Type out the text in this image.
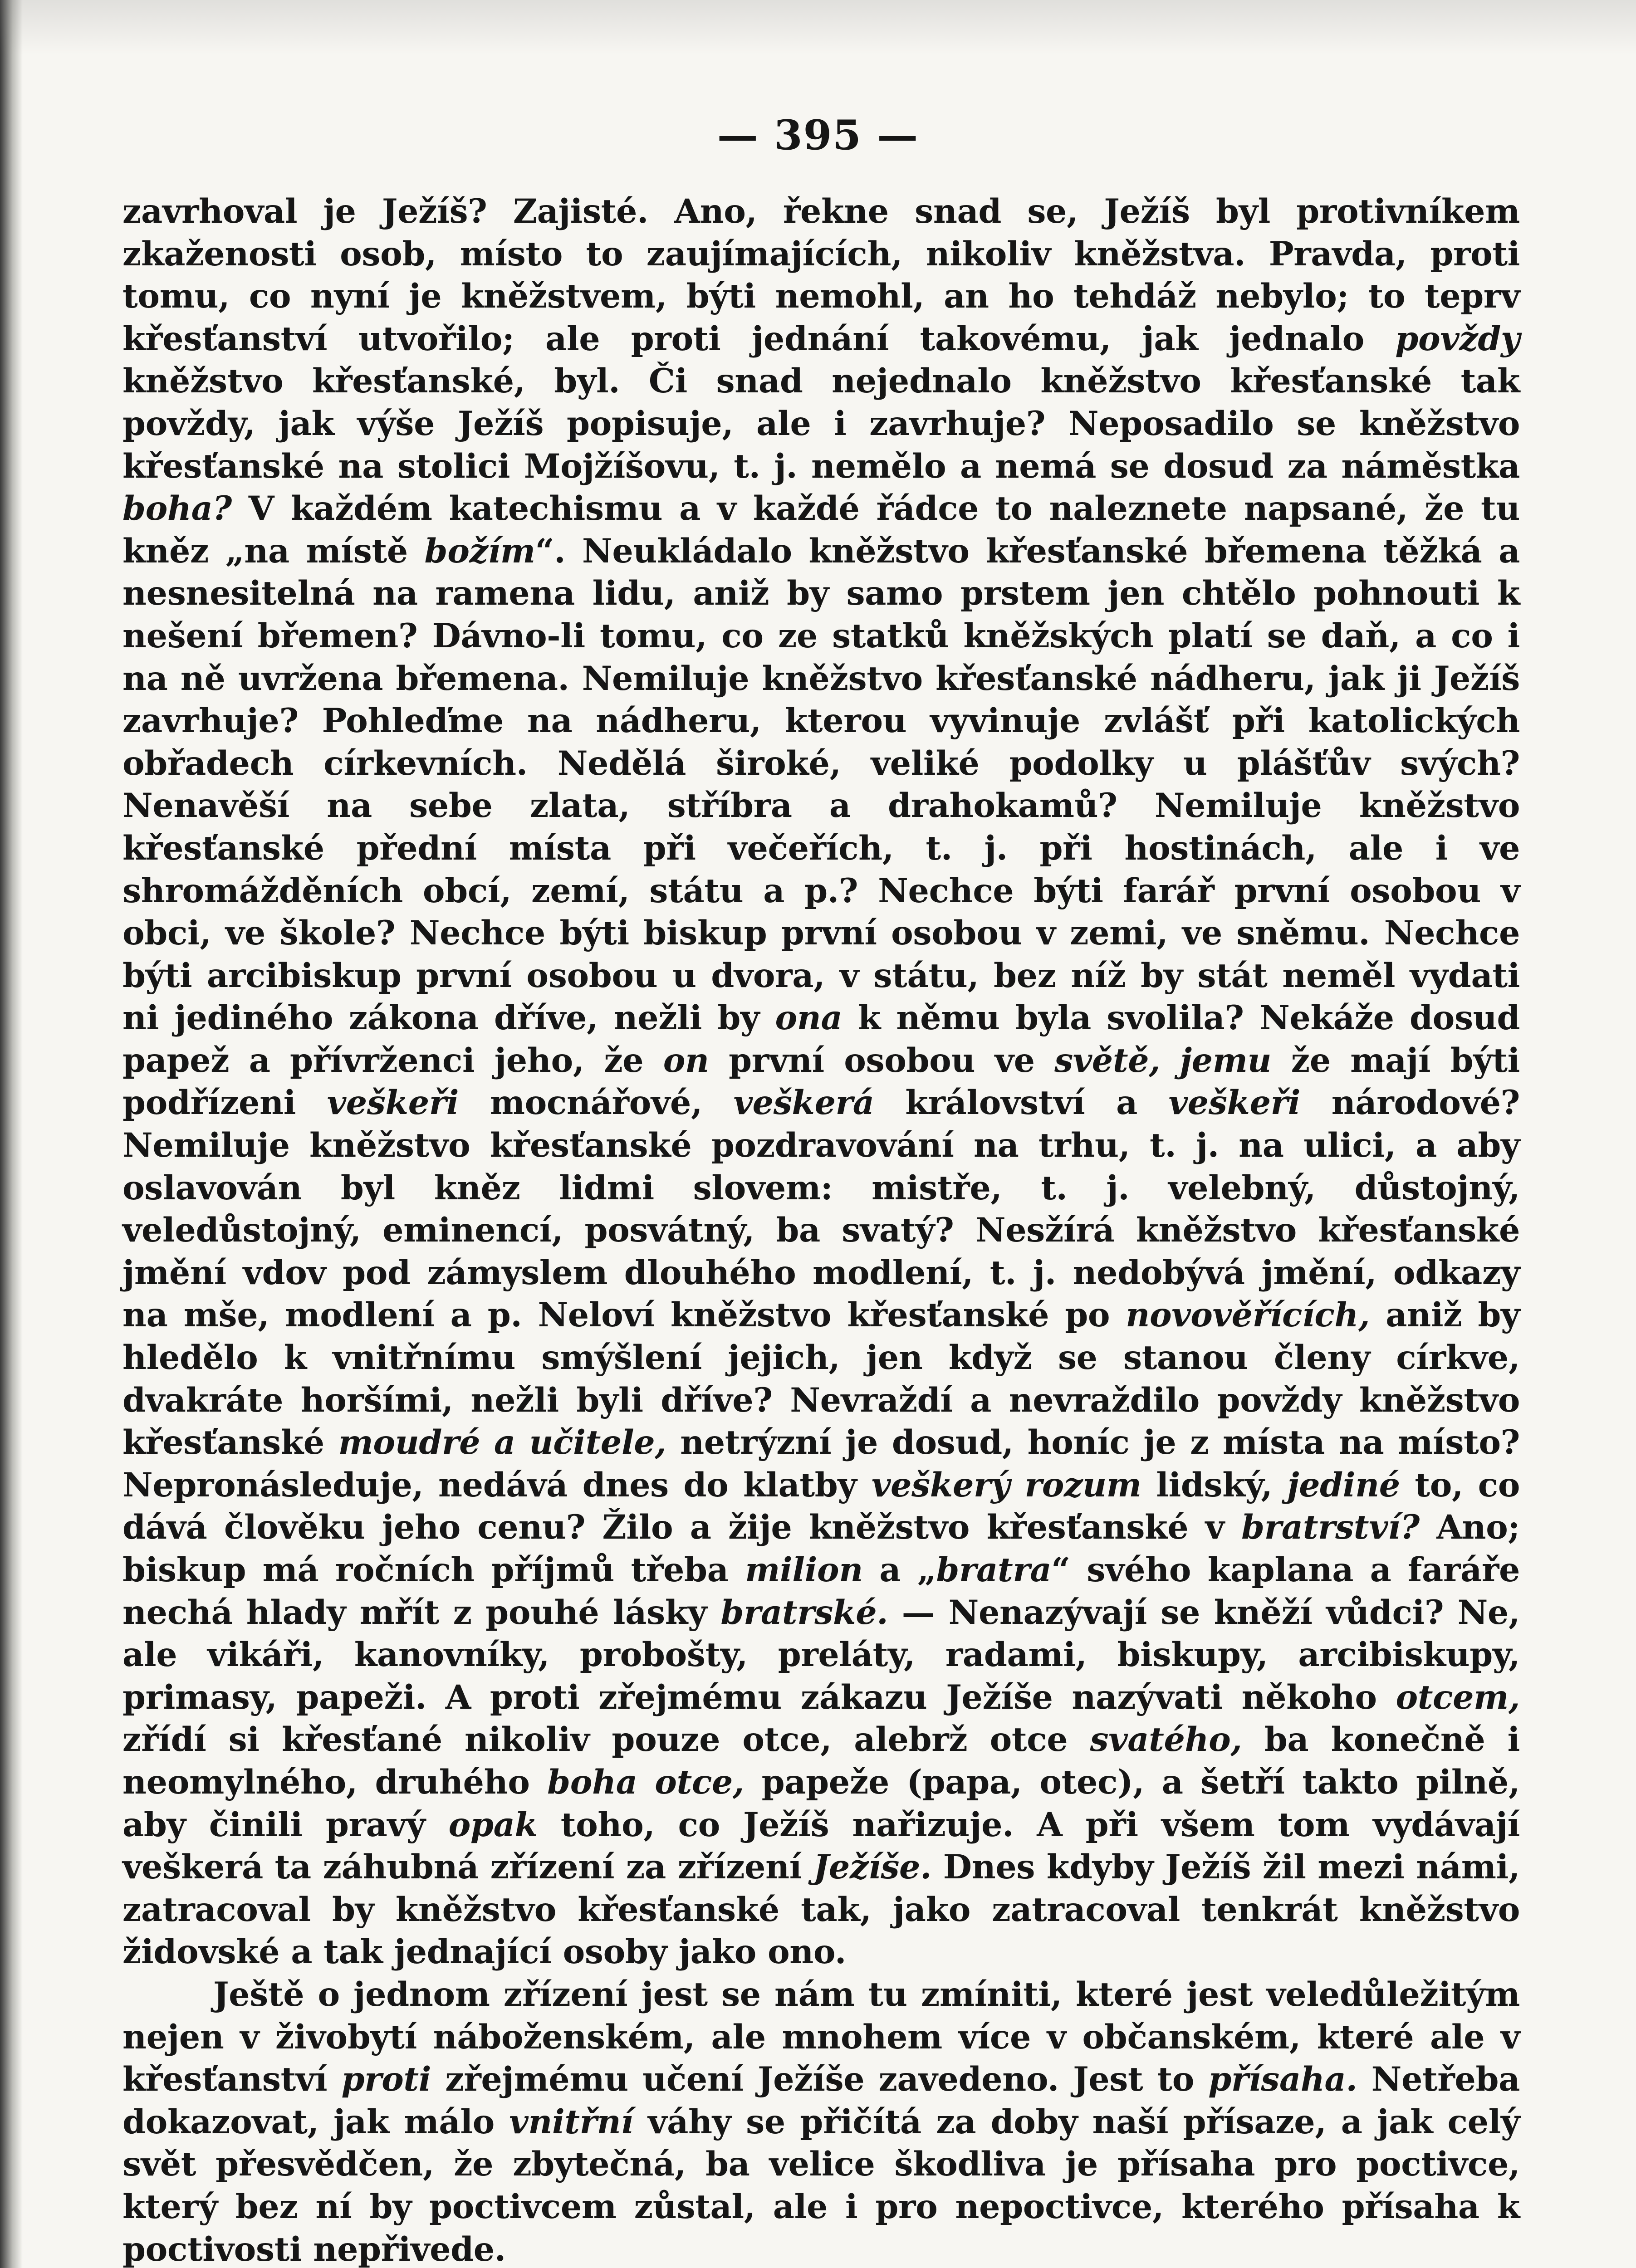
— 395 —

zavrhoval je Ježíš? Zajisté. Ano, řekne snad se, Ježíš byl protivníkem zkaženosti osob, místo to zaujímajících, nikoliv kněžstva. Pravda, proti tomu, co nyní je kněžstvem, býti nemohl, an ho tehdáž nebylo; to teprv křesťanství utvořilo; ale proti jednání takovému, jak jednalo povždy kněžstvo křesťanské, byl. Či snad nejednalo kněžstvo křesťanské tak povždy, jak výše Ježíš popisuje, ale i zavrhuje? Neposadilo se kněžstvo křesťanské na stolici Mojžíšovu, t. j. nemělo a nemá se dosud za náměstka boha? V každém katechismu a v každé řádce to naleznete napsané, že tu kněz „na místě božím“. Neukládalo kněžstvo křesťanské břemena těžká a nesnesitelná na ramena lidu, aniž by samo prstem jen chtělo pohnouti k nešení břemen? Dávno-li tomu, co ze statků kněžských platí se daň, a co i na ně uvržena břemena. Nemiluje kněžstvo křesťanské nádheru, jak ji Ježíš zavrhuje? Pohleďme na nádheru, kterou vyvinuje zvlášť při katolických obřadech církevních. Nedělá široké, veliké podolky u plášťův svých? Nenavěší na sebe zlata, stříbra a drahokamů? Nemiluje kněžstvo křesťanské přední místa při večeřích, t. j. při hostinách, ale i ve shromážděních obcí, zemí, státu a p.? Nechce býti farář první osobou v obci, ve škole? Nechce býti biskup první osobou v zemi, ve sněmu. Nechce býti arcibiskup první osobou u dvora, v státu, bez níž by stát neměl vydati ni jediného zákona dříve, nežli by ona k němu byla svolila? Nekáže dosud papež a přívrženci jeho, že on první osobou ve světě, jemu že mají býti podřízeni veškeři mocnářové, veškerá království a veškeři národové? Nemiluje kněžstvo křesťanské pozdravování na trhu, t. j. na ulici, a aby oslavován byl kněz lidmi slovem: mistře, t. j. velebný, důstojný, veledůstojný, eminencí, posvátný, ba svatý? Nesžírá kněžstvo křesťanské jmění vdov pod zámyslem dlouhého modlení, t. j. nedobývá jmění, odkazy na mše, modlení a p. Neloví kněžstvo křesťanské po novověřících, aniž by hledělo k vnitřnímu smýšlení jejich, jen když se stanou členy církve, dvakráte horšími, nežli byli dříve? Nevraždí a nevraždilo povždy kněžstvo křesťanské moudré a učitele, netrýzní je dosud, honíc je z místa na místo? Nepronásleduje, nedává dnes do klatby veškerý rozum lidský, jediné to, co dává člověku jeho cenu? Žilo a žije kněžstvo křesťanské v bratrství? Ano; biskup má ročních příjmů třeba milion a „bratra“ svého kaplana a faráře nechá hlady mřít z pouhé lásky bratrské. — Nenazývají se kněží vůdci? Ne, ale vikáři, kanovníky, probošty, preláty, radami, biskupy, arcibiskupy, primasy, papeži. A proti zřejmému zákazu Ježíše nazývati někoho otcem, zřídí si křesťané nikoliv pouze otce, alebrž otce svatého, ba konečně i neomylného, druhého boha otce, papeže (papa, otec), a šetří takto pilně, aby činili pravý opak toho, co Ježíš nařizuje. A při všem tom vydávají veškerá ta záhubná zřízení za zřízení Ježíše. Dnes kdyby Ježíš žil mezi námi, zatracoval by kněžstvo křesťanské tak, jako zatracoval tenkrát kněžstvo židovské a tak jednající osoby jako ono.

Ještě o jednom zřízení jest se nám tu zmíniti, které jest veledůležitým nejen v živobytí náboženském, ale mnohem více v občanském, které ale v křesťanství proti zřejmému učení Ježíše zavedeno. Jest to přísaha. Netřeba dokazovat, jak málo vnitřní váhy se přičítá za doby naší přísaze, a jak celý svět přesvědčen, že zbytečná, ba velice škodliva je přísaha pro poctivce, který bez ní by poctivcem zůstal, ale i pro nepoctivce, kterého přísaha k poctivosti nepřivede.
